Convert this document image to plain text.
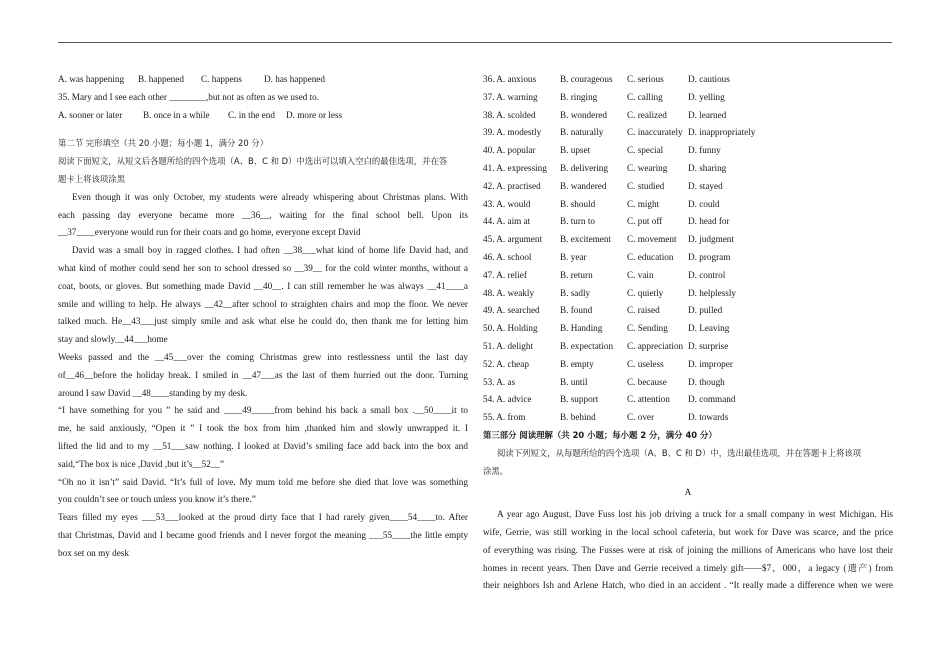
A. was happening B. happened C. happens D. has happened
35. Mary and I see each other ________,but not as often as we used to.
A. sooner or later B. once in a while C. in the end D. more or less
第二节 完形填空（共 20 小题；每小题 1，满分 20 分）
阅读下面短文，从短文后各题所给的四个选项（A、B、C 和 D）中选出可以填入空白的最佳选项，并在答
题卡上将该项涂黑
Even though it was only October, my students were already whispering about Christmas plans. With
each passing day everyone became more __36__, waiting for the final school bell. Upon its
__37____everyone would run for their coats and go home, everyone except David
David was a small boy in ragged clothes. I had often __38___what kind of home life David had, and
what kind of mother could send her son to school dressed so __39__ for the cold winter months, without a
coat, boots, or gloves. But something made David __40__. I can still remember he was always __41____a
smile and willing to help. He always __42__after school to straighten chairs and mop the floor. We never
talked much. He__43___just simply smile and ask what else he could do, then thank me for letting him
stay and slowly__44___home
Weeks passed and the __45___over the coming Christmas grew into restlessness until the last day
of__46__before the holiday break. I smiled in __47___as the last of them hurried out the door. Turning
around I saw David __48____standing by my desk.
“I have something for you ” he said and ____49_____from behind his back a small box .__50____it to
me, he said anxiously, “Open it ” I took the box from him ,thanked him and slowly unwrapped it. I
lifted the lid and to my __51___saw nothing. I looked at David’s smiling face add back into the box and
said,“The box is nice ,David ,but it’s__52__”
“Oh no it isn’t” said David. “It’s full of love. My mum told me before she died that love was something
you couldn’t see or touch unless you know it’s there.”
Tears filled my eyes ___53___looked at the proud dirty face that I had rarely given____54____to. After
that Christmas, David and I became good friends and I never forgot the meaning ___55____the little empty
box set on my desk
36. A. anxious	B. courageous C. serious	D. cautious
37. A. warning B. ringing	C. calling	D. yelling
38. A. scolded	B. wondered C. realized D. learned
39. A. modestly B. naturally	C. inaccurately D. inappropriately
40. A. popular	B. upset	C. special	D. funny
41. A. expressing B. delivering C. wearing D. sharing
42. A. practised B. wandered C. studied	D. stayed
43. A. would	B. should	C. might	D. could
44. A. aim at	B. turn to	C. put off	D. head for
45. A. argument B. excitement C. movement D. judgment
46. A. school	B. year	C. education D. program
47. A. relief	B. return	C. vain	D. control
48. A. weakly	B. sadly	C. quietly	D. helplessly
49. A. searched B. found	C. raised	D. pulled
50. A. Holding B. Handing	C. Sending D. Leaving
51. A. delight	B. expectation C. appreciation D. surprise
52. A. cheap	B. empty	C. useless	D. improper
53. A. as	B. until	C. because D. though
54. A. advice	B. support	C. attention D. command
55. A. from	B. behind	C. over	D. towards
第三部分 阅读理解（共 20 小题；每小题 2 分，满分 40 分）
阅读下列短文，从每题所给的四个选项（A、B、C 和 D）中，选出最佳选项，并在答题卡上将该项
涂黑。
A
A year ago August, Dave Fuss lost his job driving a truck for a small company in west Michigan. His
wife, Gerrie, was still working in the local school cafeteria, but work for Dave was scarce, and the price
of everything was rising. The Fusses were at risk of joining the millions of Americans who have lost their
homes in recent years. Then Dave and Gerrie received a timely gift——$7，000，a legacy (遗产) from
their neighbors Ish and Arlene Hatch, who died in an accident . “It really made a difference when we were
